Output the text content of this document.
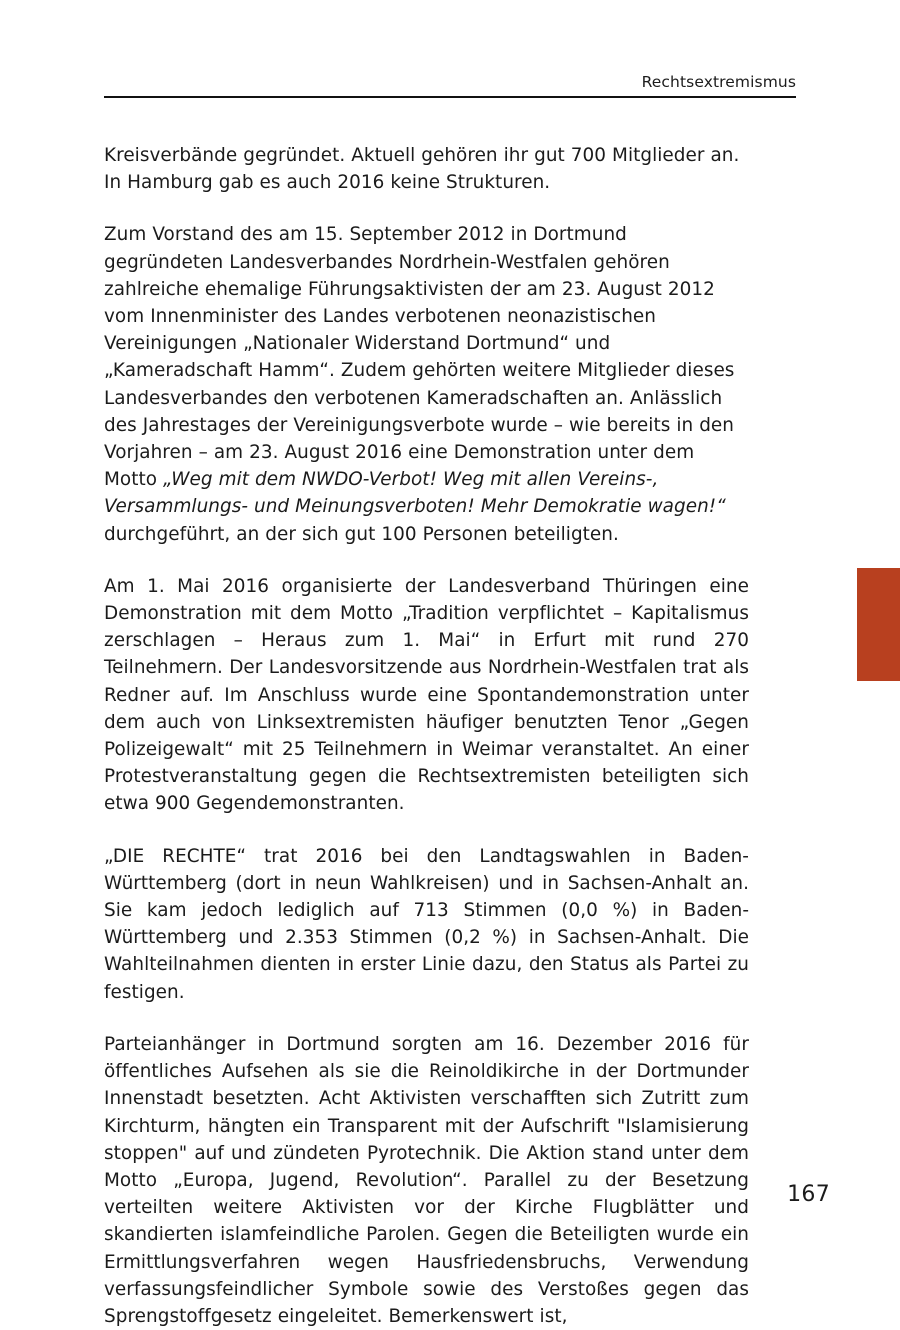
Rechtsextremismus

Kreisverbände gegründet. Aktuell gehören ihr gut 700 Mitglieder an. In Hamburg gab es auch 2016 keine Strukturen.

Zum Vorstand des am 15. September 2012 in Dortmund gegründeten Landesverbandes Nordrhein-Westfalen gehören zahlreiche ehemalige Führungsaktivisten der am 23. August 2012 vom Innenminister des Landes verbotenen neonazistischen Vereinigungen „Nationaler Widerstand Dortmund“ und „Kameradschaft Hamm“. Zudem gehörten weitere Mitglieder dieses Landesverbandes den verbotenen Kameradschaften an. Anlässlich des Jahrestages der Vereinigungsverbote wurde – wie bereits in den Vorjahren – am 23. August 2016 eine Demonstration unter dem Motto „Weg mit dem NWDO-Verbot! Weg mit allen Vereins-, Versammlungs- und Meinungsverboten! Mehr Demokratie wagen!“ durchgeführt, an der sich gut 100 Personen beteiligten.

Am 1. Mai 2016 organisierte der Landesverband Thüringen eine Demonstration mit dem Motto „Tradition verpflichtet – Kapitalismus zerschlagen – Heraus zum 1. Mai“ in Erfurt mit rund 270 Teilnehmern. Der Landesvorsitzende aus Nordrhein-Westfalen trat als Redner auf. Im Anschluss wurde eine Spontandemonstration unter dem auch von Linksextremisten häufiger benutzten Tenor „Gegen Polizeigewalt“ mit 25 Teilnehmern in Weimar veranstaltet. An einer Protestveranstaltung gegen die Rechtsextremisten beteiligten sich etwa 900 Gegendemonstranten.

„DIE RECHTE“ trat 2016 bei den Landtagswahlen in Baden-Württemberg (dort in neun Wahlkreisen) und in Sachsen-Anhalt an. Sie kam jedoch lediglich auf 713 Stimmen (0,0 %) in Baden-Württemberg und 2.353 Stimmen (0,2 %) in Sachsen-Anhalt. Die Wahlteilnahmen dienten in erster Linie dazu, den Status als Partei zu festigen.

Parteianhänger in Dortmund sorgten am 16. Dezember 2016 für öffentliches Aufsehen als sie die Reinoldikirche in der Dortmunder Innenstadt besetzten. Acht Aktivisten verschafften sich Zutritt zum Kirchturm, hängten ein Transparent mit der Aufschrift "Islamisierung stoppen" auf und zündeten Pyrotechnik. Die Aktion stand unter dem Motto „Europa, Jugend, Revolution“. Parallel zu der Besetzung verteilten weitere Aktivisten vor der Kirche Flugblätter und skandierten islamfeindliche Parolen. Gegen die Beteiligten wurde ein Ermittlungsverfahren wegen Hausfriedensbruchs, Verwendung verfassungsfeindlicher Symbole sowie des Verstoßes gegen das Sprengstoffgesetz eingeleitet. Bemerkenswert ist,

167
